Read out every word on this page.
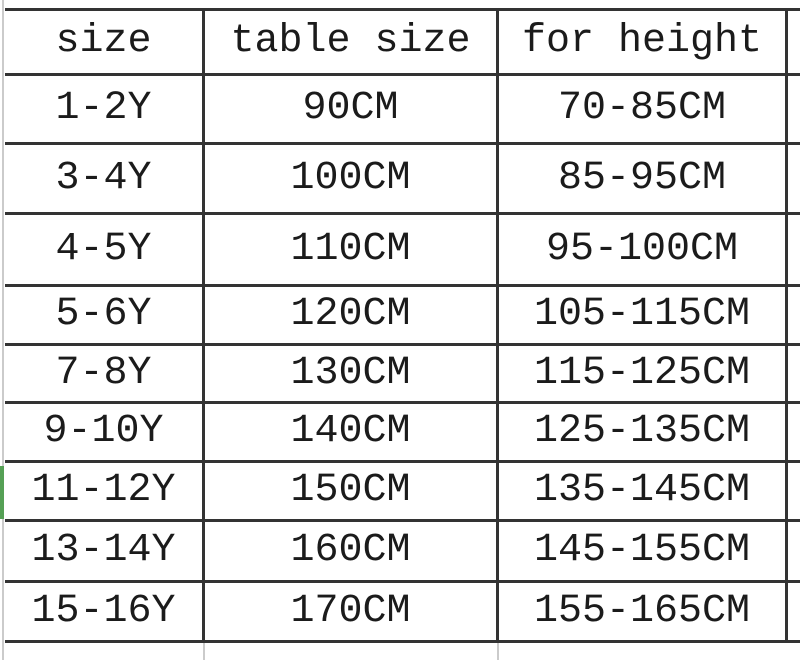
size	table size	for height
1-2Y	90CM	70-85CM
3-4Y	100CM	85-95CM
4-5Y	110CM	95-100CM
5-6Y	120CM	105-115CM
7-8Y	130CM	115-125CM
9-10Y	140CM	125-135CM
11-12Y	150CM	135-145CM
13-14Y	160CM	145-155CM
15-16Y	170CM	155-165CM
